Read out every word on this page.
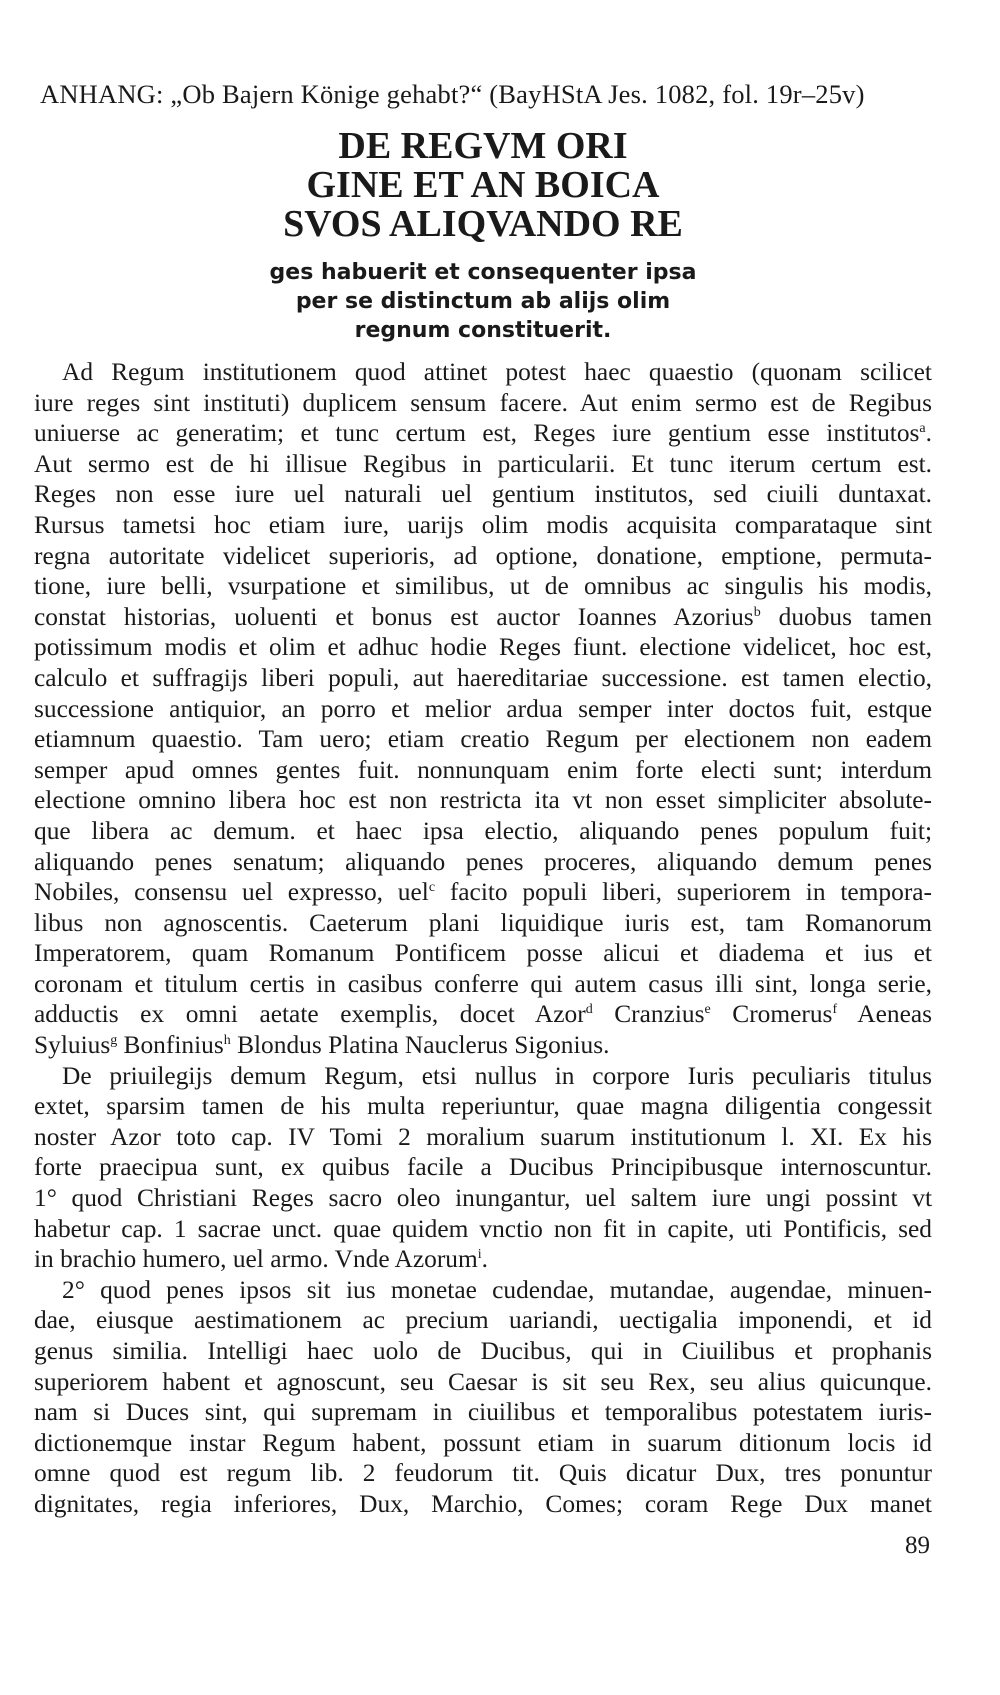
ANHANG: „Ob Bajern Könige gehabt?“ (BayHStA Jes. 1082, fol. 19r–25v)
DE REGVM ORI
GINE ET AN BOICA
SVOS ALIQVANDO RE
ges habuerit et consequenter ipsa
per se distinctum ab alijs olim
regnum constituerit.
Ad Regum institutionem quod attinet potest haec quaestio (quonam scilicet
iure reges sint instituti) duplicem sensum facere. Aut enim sermo est de Regibus
uniuerse ac generatim; et tunc certum est, Reges iure gentium esse institutos$^a$.
Aut sermo est de hi illisue Regibus in particularii. Et tunc iterum certum est.
Reges non esse iure uel naturali uel gentium institutos, sed ciuili duntaxat.
Rursus tametsi hoc etiam iure, uarijs olim modis acquisita comparataque sint
regna autoritate videlicet superioris, ad optione, donatione, emptione, permuta-
tione, iure belli, vsurpatione et similibus, ut de omnibus ac singulis his modis,
constat historias, uoluenti et bonus est auctor Ioannes Azorius$^b$ duobus tamen
potissimum modis et olim et adhuc hodie Reges fiunt. electione videlicet, hoc est,
calculo et suffragijs liberi populi, aut haereditariae successione. est tamen electio,
successione antiquior, an porro et melior ardua semper inter doctos fuit, estque
etiamnum quaestio. Tam uero; etiam creatio Regum per electionem non eadem
semper apud omnes gentes fuit. nonnunquam enim forte electi sunt; interdum
electione omnino libera hoc est non restricta ita vt non esset simpliciter absolute-
que libera ac demum. et haec ipsa electio, aliquando penes populum fuit;
aliquando penes senatum; aliquando penes proceres, aliquando demum penes
Nobiles, consensu uel expresso, uel$^c$ facito populi liberi, superiorem in tempora-
libus non agnoscentis. Caeterum plani liquidique iuris est, tam Romanorum
Imperatorem, quam Romanum Pontificem posse alicui et diadema et ius et
coronam et titulum certis in casibus conferre qui autem casus illi sint, longa serie,
adductis ex omni aetate exemplis, docet Azor$^d$ Cranzius$^e$ Cromerus$^f$ Aeneas
Syluius$^g$ Bonfinius$^h$ Blondus Platina Nauclerus Sigonius.
De priuilegijs demum Regum, etsi nullus in corpore Iuris peculiaris titulus
extet, sparsim tamen de his multa reperiuntur, quae magna diligentia congessit
noster Azor toto cap. IV Tomi 2 moralium suarum institutionum l. XI. Ex his
forte praecipua sunt, ex quibus facile a Ducibus Principibusque internoscuntur.
1° quod Christiani Reges sacro oleo inungantur, uel saltem iure ungi possint vt
habetur cap. 1 sacrae unct. quae quidem vnctio non fit in capite, uti Pontificis, sed
in brachio humero, uel armo. Vnde Azorum$^i$.
2° quod penes ipsos sit ius monetae cudendae, mutandae, augendae, minuen-
dae, eiusque aestimationem ac precium uariandi, uectigalia imponendi, et id
genus similia. Intelligi haec uolo de Ducibus, qui in Ciuilibus et prophanis
superiorem habent et agnoscunt, seu Caesar is sit seu Rex, seu alius quicunque.
nam si Duces sint, qui supremam in ciuilibus et temporalibus potestatem iuris-
dictionemque instar Regum habent, possunt etiam in suarum ditionum locis id
omne quod est regum lib. 2 feudorum tit. Quis dicatur Dux, tres ponuntur
dignitates, regia inferiores, Dux, Marchio, Comes; coram Rege Dux manet
89
